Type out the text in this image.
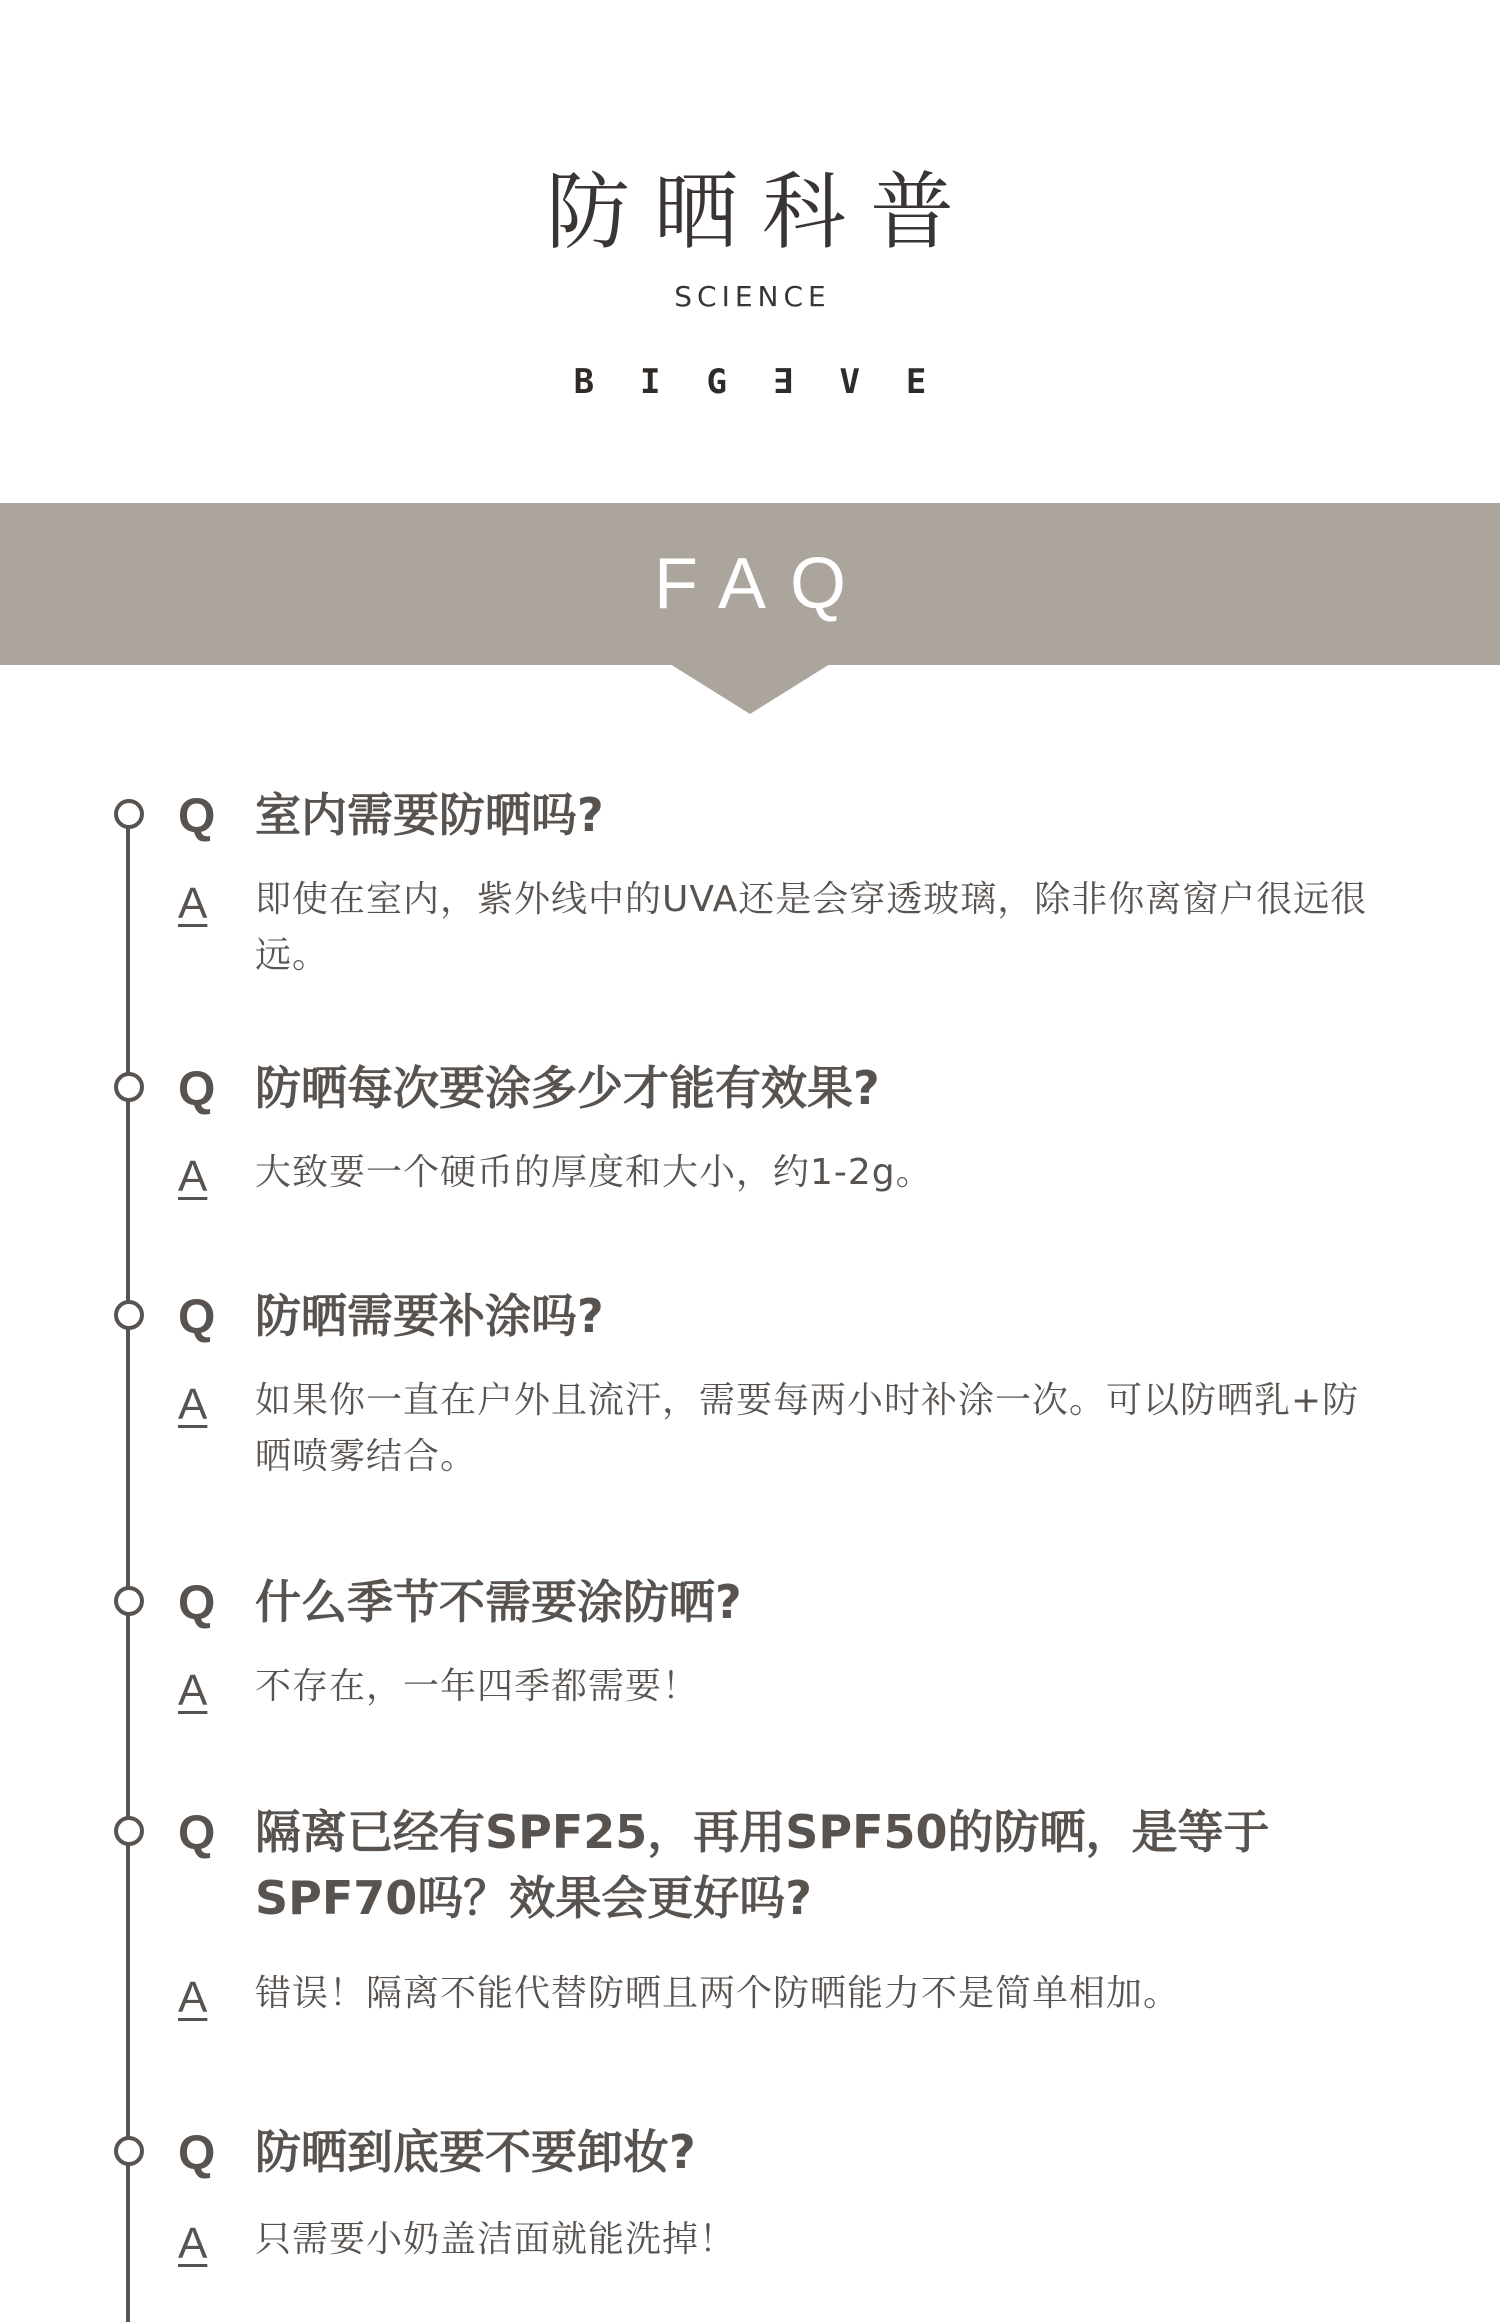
防晒科普
SCIENCE
BIG∃VE
FAQ
Q 室内需要防晒吗?
A 即使在室内，紫外线中的UVA还是会穿透玻璃，除非你离窗户很远很远。
Q 防晒每次要涂多少才能有效果?
A 大致要一个硬币的厚度和大小，约1-2g。
Q 防晒需要补涂吗?
A 如果你一直在户外且流汗，需要每两小时补涂一次。可以防晒乳+防晒喷雾结合。
Q 什么季节不需要涂防晒?
A 不存在，一年四季都需要！
Q 隔离已经有SPF25，再用SPF50的防晒，是等于SPF70吗？效果会更好吗?
A 错误！隔离不能代替防晒且两个防晒能力不是简单相加。
Q 防晒到底要不要卸妆?
A 只需要小奶盖洁面就能洗掉！
